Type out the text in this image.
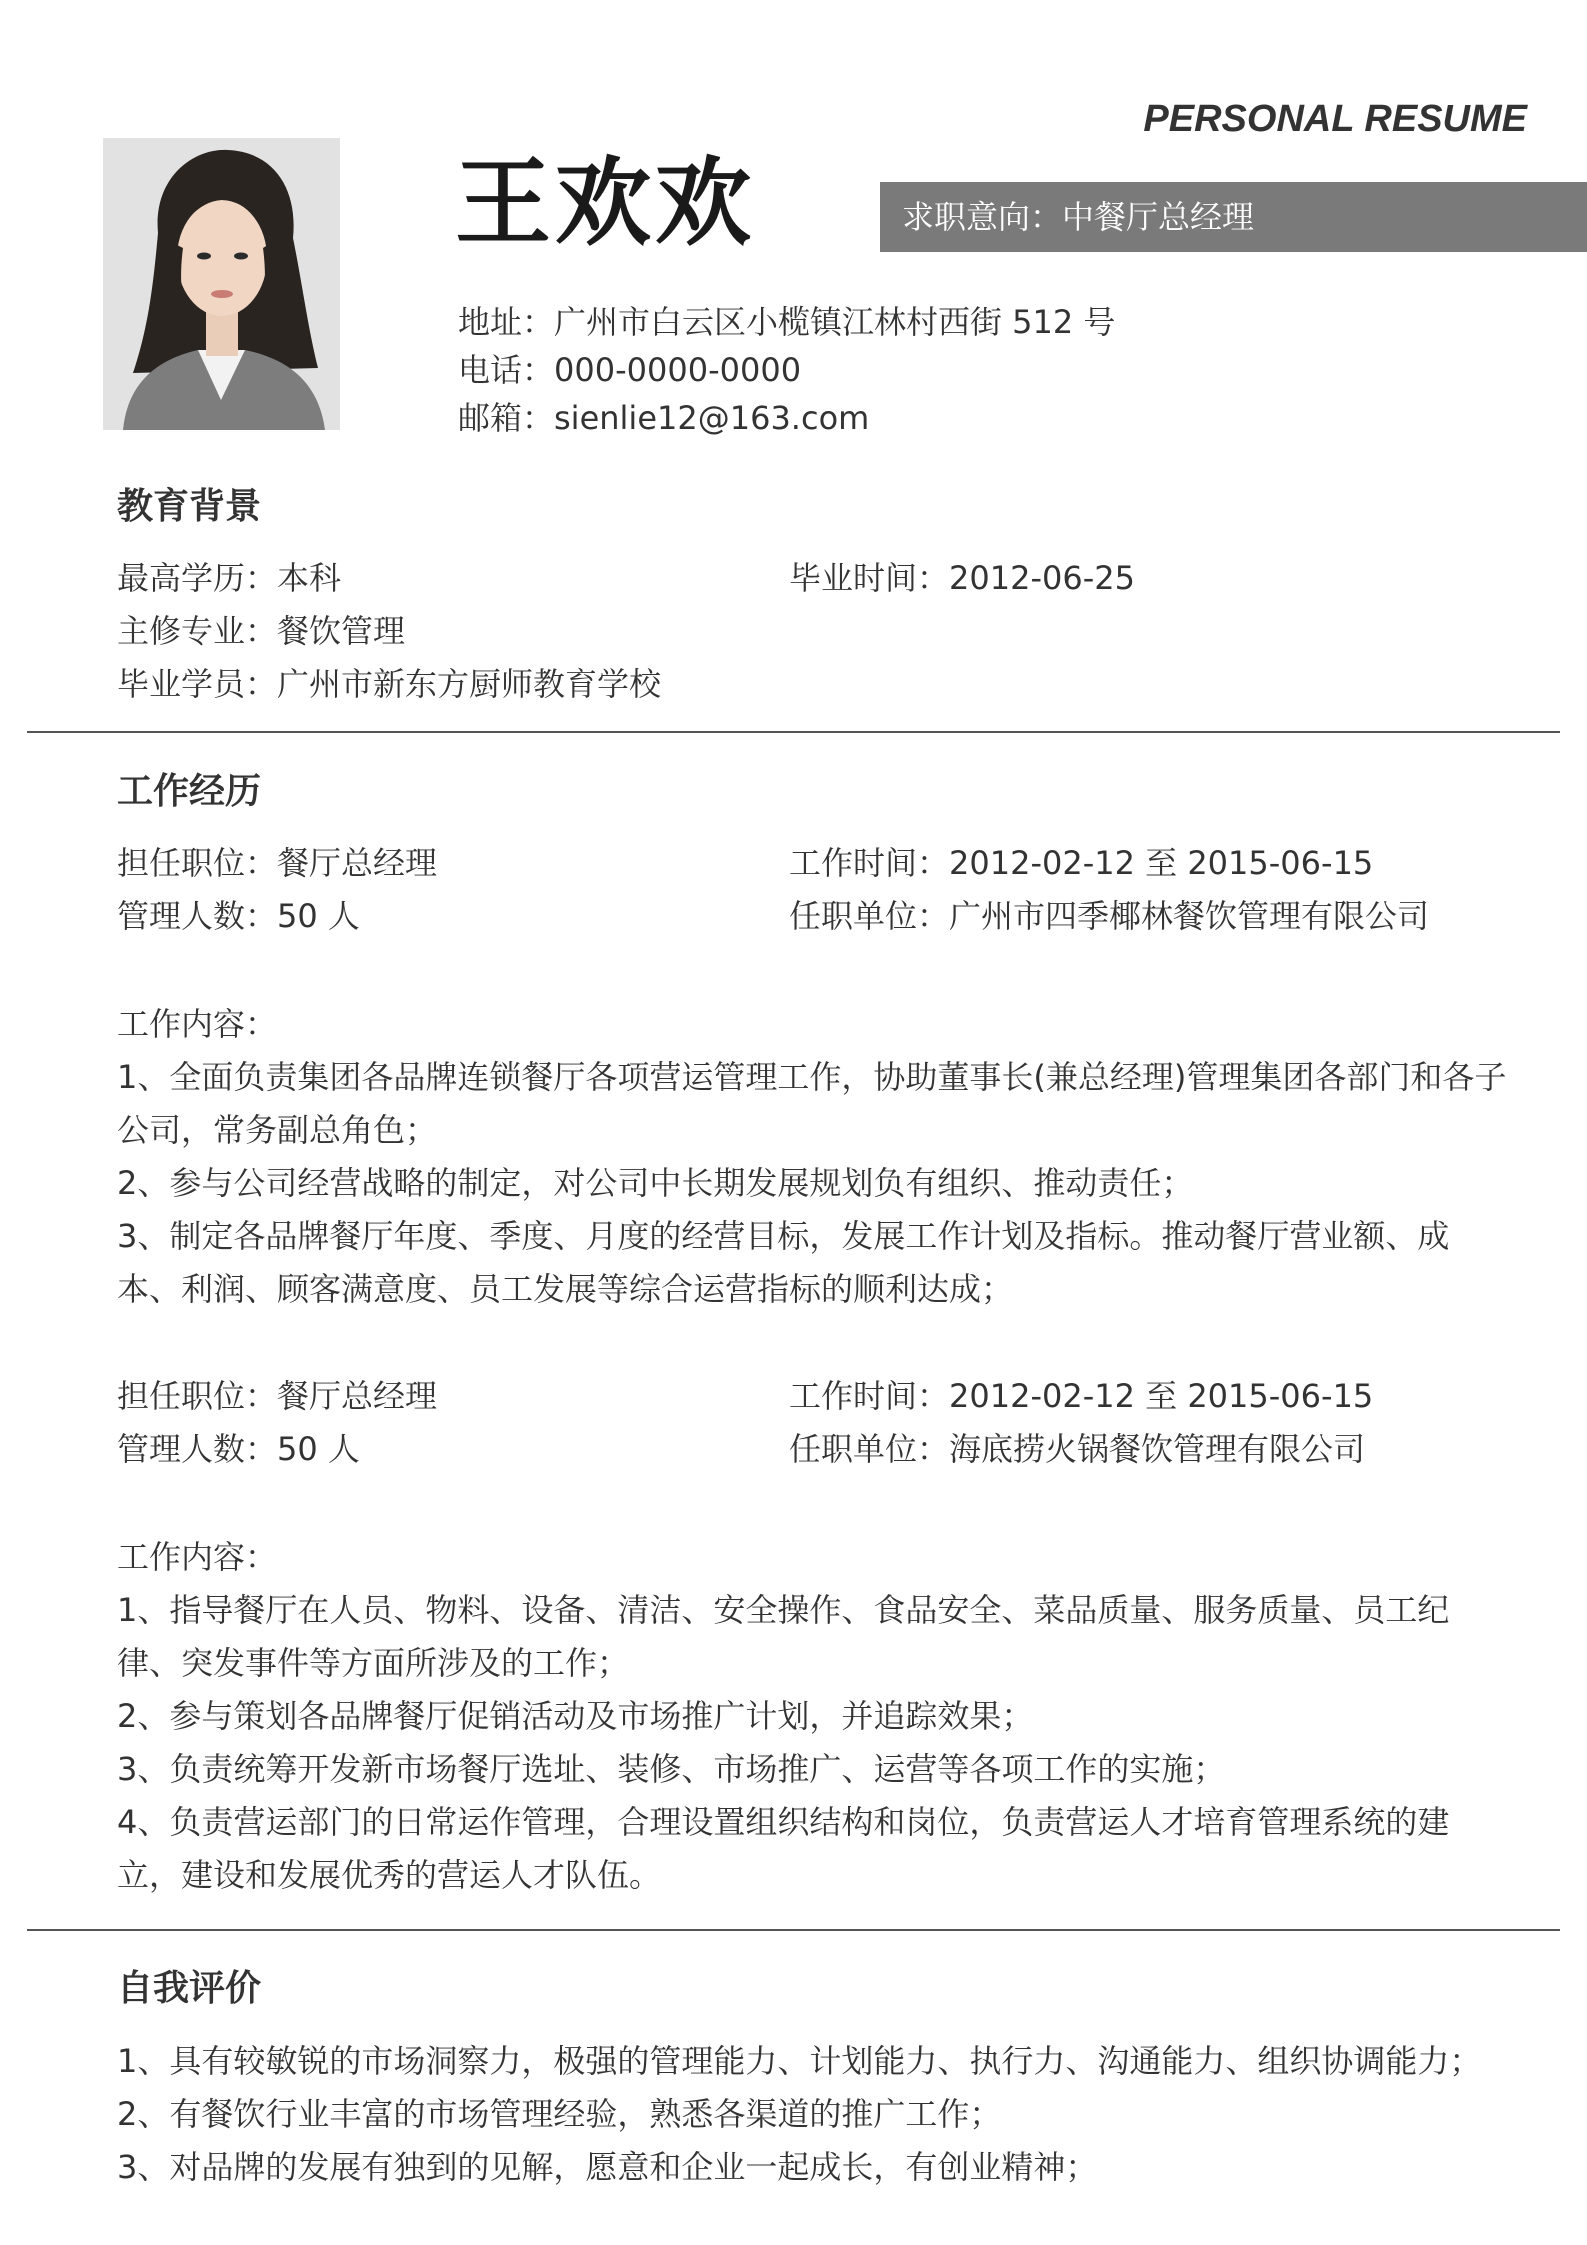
PERSONAL RESUME
王欢欢	求职意向：中餐厅总经理
地址：广州市白云区小榄镇江林村西街 512 号
电话：000-0000-0000
邮箱：sienlie12@163.com
教育背景
最高学历：本科	毕业时间：2012-06-25
主修专业：餐饮管理
毕业学员：广州市新东方厨师教育学校
工作经历
担任职位：餐厅总经理	工作时间：2012-02-12 至 2015-06-15
管理人数：50 人	任职单位：广州市四季椰林餐饮管理有限公司

工作内容：

1、全面负责集团各品牌连锁餐厅各项营运管理工作，协助董事长(兼总经理)管理集团各部门和各子公司，常务副总角色；

2、参与公司经营战略的制定，对公司中长期发展规划负有组织、推动责任；

3、制定各品牌餐厅年度、季度、月度的经营目标，发展工作计划及指标。推动餐厅营业额、成本、利润、顾客满意度、员工发展等综合运营指标的顺利达成；

担任职位：餐厅总经理	工作时间：2012-02-12 至 2015-06-15
管理人数：50 人	任职单位：海底捞火锅餐饮管理有限公司

工作内容：

1、指导餐厅在人员、物料、设备、清洁、安全操作、食品安全、菜品质量、服务质量、员工纪律、突发事件等方面所涉及的工作；

2、参与策划各品牌餐厅促销活动及市场推广计划，并追踪效果；

3、负责统筹开发新市场餐厅选址、装修、市场推广、运营等各项工作的实施；

4、负责营运部门的日常运作管理，合理设置组织结构和岗位，负责营运人才培育管理系统的建立，建设和发展优秀的营运人才队伍。

自我评价

1、具有较敏锐的市场洞察力，极强的管理能力、计划能力、执行力、沟通能力、组织协调能力；

2、有餐饮行业丰富的市场管理经验，熟悉各渠道的推广工作；

3、对品牌的发展有独到的见解，愿意和企业一起成长，有创业精神；
